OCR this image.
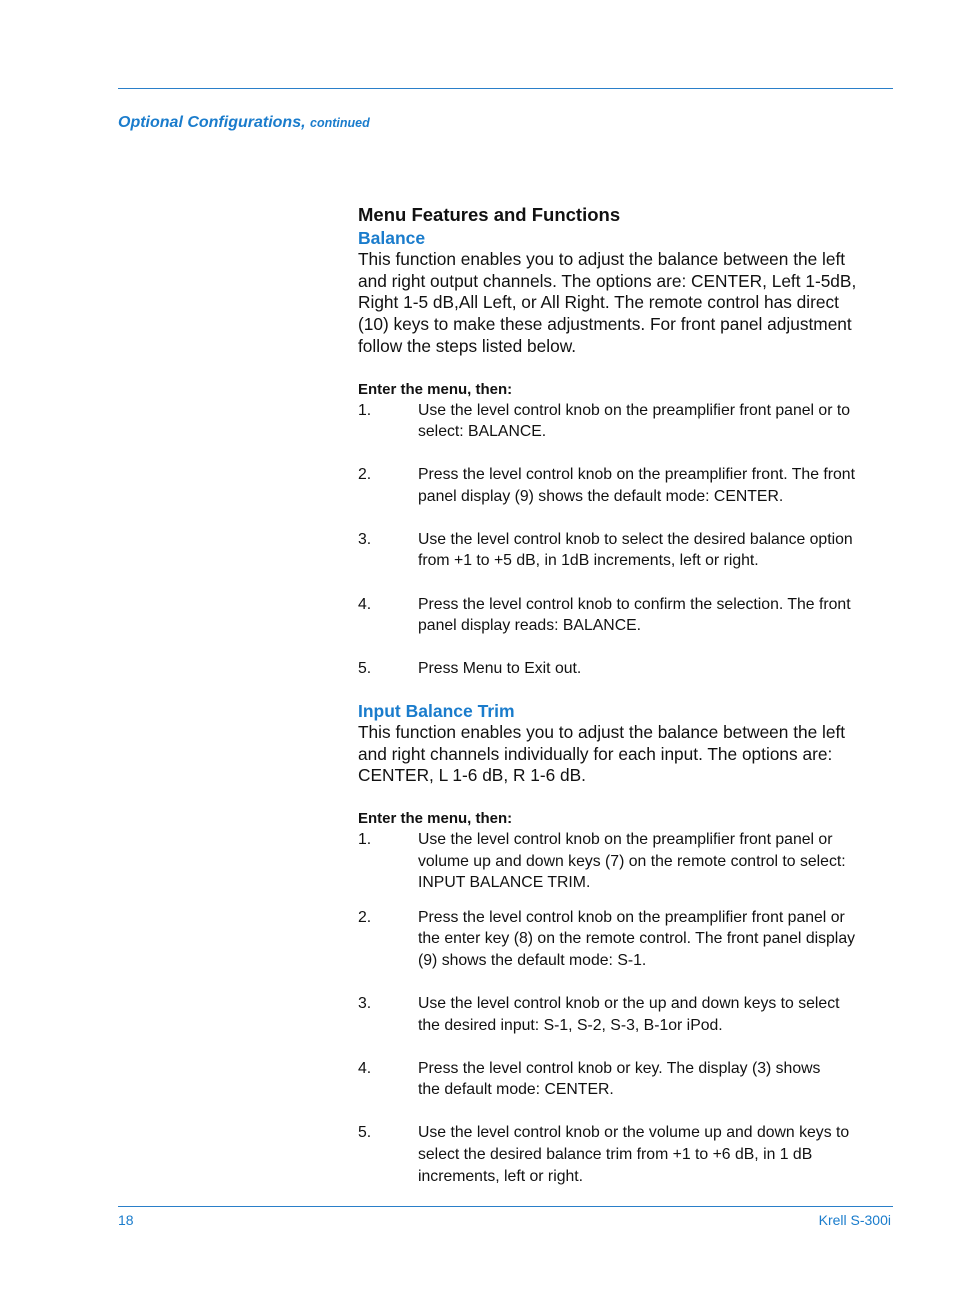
Optional Configurations, continued
Menu Features and Functions
Balance

This function enables you to adjust the balance between the left
and right output channels. The options are: CENTER, Left 1-5dB,
Right 1-5 dB,All Left, or All Right. The remote control has direct
(10) keys to make these adjustments. For front panel adjustment
follow the steps listed below.

Enter the menu, then:

1.	Use the level control knob on the preamplifier front panel or to
select: BALANCE.
2.	Press the level control knob on the preamplifier front. The front
panel display (9) shows the default mode: CENTER.
3.	Use the level control knob to select the desired balance option
from +1 to +5 dB, in 1dB increments, left or right.
4.	Press the level control knob to confirm the selection. The front
panel display reads: BALANCE.
5.	Press Menu to Exit out.
Input Balance Trim

This function enables you to adjust the balance between the left
and right channels individually for each input. The options are:
CENTER, L 1-6 dB, R 1-6 dB.

Enter the menu, then:

1.	Use the level control knob on the preamplifier front panel or
volume up and down keys (7) on the remote control to select:
INPUT BALANCE TRIM.
2.	Press the level control knob on the preamplifier front panel or
the enter key (8) on the remote control. The front panel display
(9) shows the default mode: S-1.
3.	Use the level control knob or the up and down keys to select
the desired input: S-1, S-2, S-3, B-1or iPod.
4.	Press the level control knob or key. The display (3) shows
the default mode: CENTER.
5.	Use the level control knob or the volume up and down keys to
select the desired balance trim from +1 to +6 dB, in 1 dB
increments, left or right.
18	Krell S-300i
